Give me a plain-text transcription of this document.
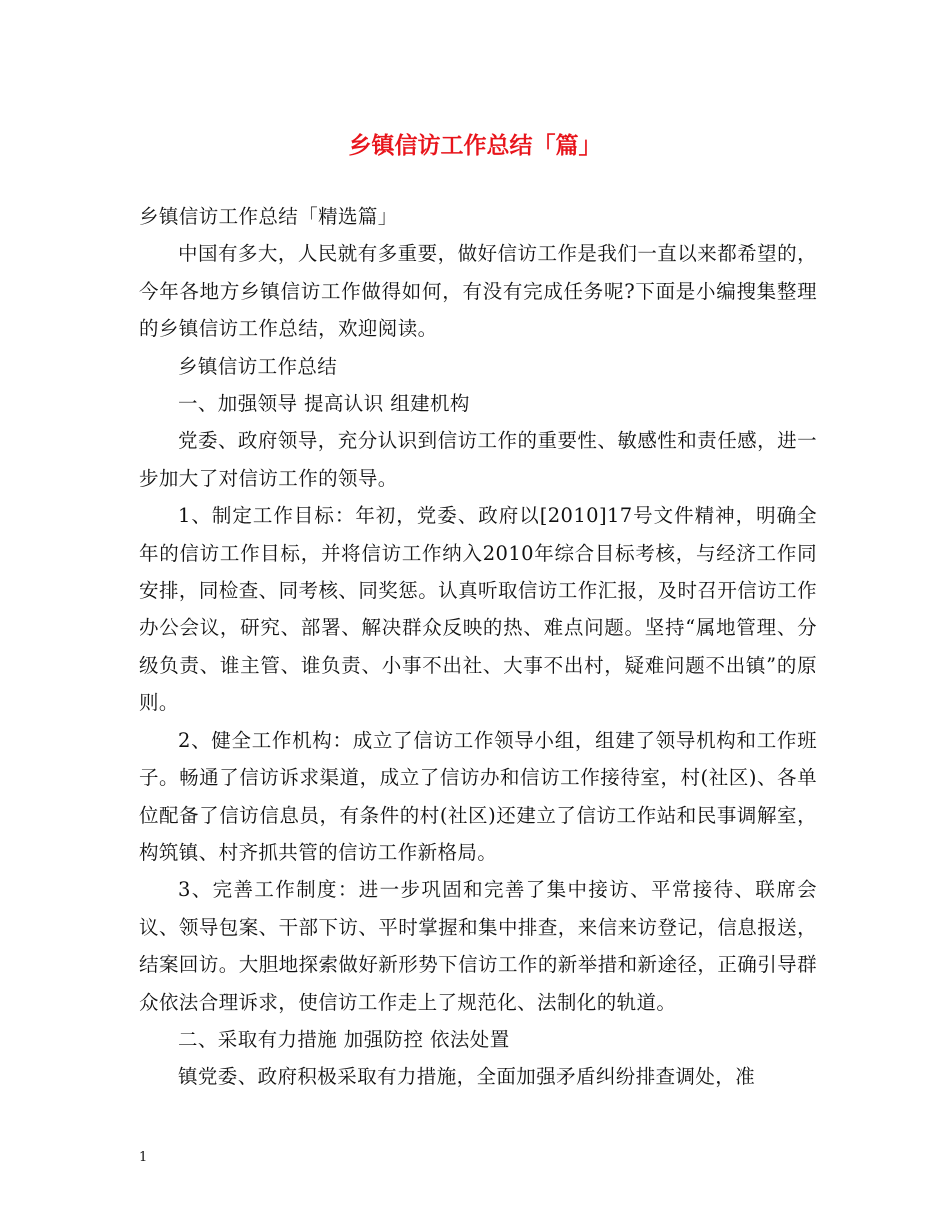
乡镇信访工作总结「篇」

乡镇信访工作总结「精选篇」

中国有多大，人民就有多重要，做好信访工作是我们一直以来都希望的，今年各地方乡镇信访工作做得如何，有没有完成任务呢?下面是小编搜集整理的乡镇信访工作总结，欢迎阅读。

乡镇信访工作总结

一、加强领导 提高认识 组建机构

党委、政府领导，充分认识到信访工作的重要性、敏感性和责任感，进一步加大了对信访工作的领导。

1、制定工作目标：年初，党委、政府以[2010]17号文件精神，明确全年的信访工作目标，并将信访工作纳入2010年综合目标考核，与经济工作同安排，同检查、同考核、同奖惩。认真听取信访工作汇报，及时召开信访工作办公会议，研究、部署、解决群众反映的热、难点问题。坚持“属地管理、分级负责、谁主管、谁负责、小事不出社、大事不出村，疑难问题不出镇”的原则。

2、健全工作机构：成立了信访工作领导小组，组建了领导机构和工作班子。畅通了信访诉求渠道，成立了信访办和信访工作接待室，村(社区)、各单位配备了信访信息员，有条件的村(社区)还建立了信访工作站和民事调解室，构筑镇、村齐抓共管的信访工作新格局。

3、完善工作制度：进一步巩固和完善了集中接访、平常接待、联席会议、领导包案、干部下访、平时掌握和集中排查，来信来访登记，信息报送，结案回访。大胆地探索做好新形势下信访工作的新举措和新途径，正确引导群众依法合理诉求，使信访工作走上了规范化、法制化的轨道。

二、采取有力措施 加强防控 依法处置

镇党委、政府积极采取有力措施，全面加强矛盾纠纷排查调处，准

1
